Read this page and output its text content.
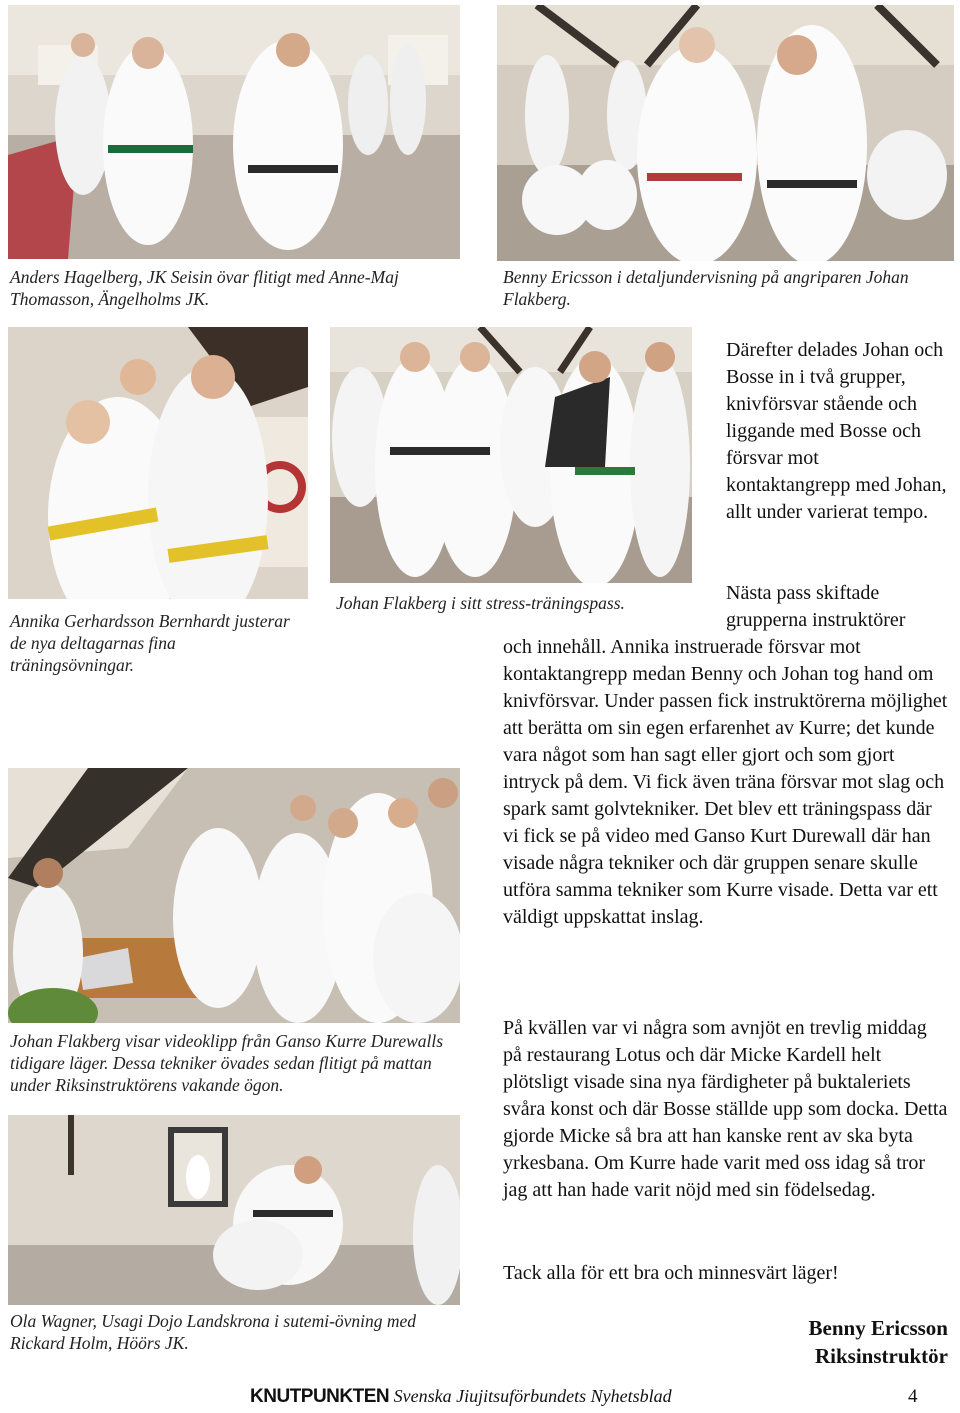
Anders Hagelberg, JK Seisin övar flitigt med Anne-Maj Thomasson, Ängelholms JK.

Benny Ericsson i detaljundervisning på angriparen Johan Flakberg.

Annika Gerhardsson Bernhardt justerar de nya deltagarnas fina träningsövningar.

Johan Flakberg i sitt stress-träningspass.

Johan Flakberg visar videoklipp från Ganso Kurre Durewalls tidigare läger. Dessa tekniker övades sedan flitigt på mattan under Riksinstruktörens vakande ögon.

Ola Wagner, Usagi Dojo Landskrona i sutemi-övning med Rickard Holm, Höörs JK.

Därefter delades Johan och Bosse in i två grupper, knivförsvar stående och liggande med Bosse och försvar mot kontaktangrepp med Johan, allt under varierat tempo.

Nästa pass skiftade grupperna instruktörer

och innehåll. Annika instruerade försvar mot kontaktangrepp medan Benny och Johan tog hand om knivförsvar. Under passen fick instruktörerna möjlighet att berätta om sin egen erfarenhet av Kurre; det kunde vara något som han sagt eller gjort och som gjort intryck på dem. Vi fick även träna försvar mot slag och spark samt golvtekniker. Det blev ett träningspass där vi fick se på video med Ganso Kurt Durewall där han visade några tekniker och där gruppen senare skulle utföra samma tekniker som Kurre visade. Detta var ett väldigt uppskattat inslag.

På kvällen var vi några som avnjöt en trevlig middag på restaurang Lotus och där Micke Kardell helt plötsligt visade sina nya färdigheter på buktaleriets svåra konst och där Bosse ställde upp som docka. Detta gjorde Micke så bra att han kanske rent av ska byta yrkesbana. Om Kurre hade varit med oss idag så tror jag att han hade varit nöjd med sin födelsedag.

Tack alla för ett bra och minnesvärt läger!

Benny Ericsson
Riksinstruktör

KNUTPUNKTEN Svenska Jiujitsuförbundets Nyhetsblad	4
